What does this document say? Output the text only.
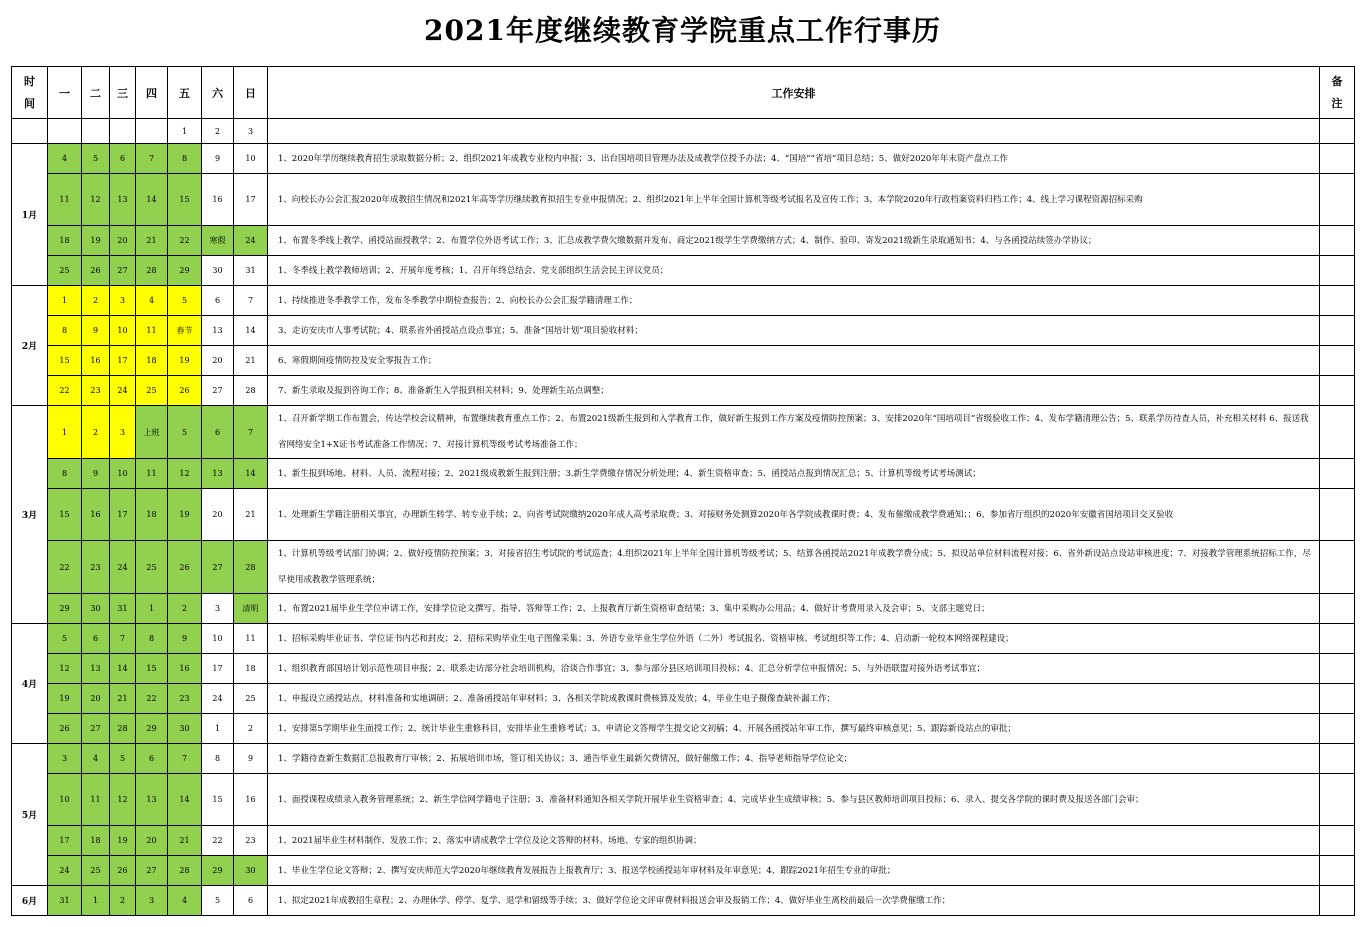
2021年度继续教育学院重点工作行事历
时间	一	二	三	四	五	六	日	工作安排	备注

					1	2	3		
1月	4	5	6	7	8	9	10	1、2020年学历继续教育招生录取数据分析；2、组织2021年成教专业校内申报；3、出台国培项目管理办法及成教学位授予办法；4、“国培”“省培”项目总结；5、做好2020年年末资产盘点工作	
	11	12	13	14	15	16	17	1、向校长办公会汇报2020年成教招生情况和2021年高等学历继续教育拟招生专业申报情况；2、组织2021年上半年全国计算机等级考试报名及宣传工作；3、本学院2020年行政档案资料归档工作；4、线上学习课程资源招标采购	
	18	19	20	21	22	寒假	24	1、布置冬季线上教学、函授站面授教学；2、布置学位外语考试工作；3、汇总成教学费欠缴数据并发布、商定2021级学生学费缴纳方式；4、制作、验印、寄发2021级新生录取通知书；4、与各函授站续签办学协议；	
	25	26	27	28	29	30	31	1、冬季线上教学教师培训；2、开展年度考核；1、召开年终总结会、党支部组织生活会民主评议党员；	
2月	1	2	3	4	5	6	7	1、持续推进冬季教学工作，发布冬季教学中期检查报告；2、向校长办公会汇报学籍清理工作；	
	8	9	10	11	春节	13	14	3、走访安庆市人事考试院；4、联系省外函授站点设点事宜；5、准备“国培计划”项目验收材料；	
	15	16	17	18	19	20	21	6、寒假期间疫情防控及安全零报告工作；	
	22	23	24	25	26	27	28	7、新生录取及报到咨询工作；8、准备新生入学报到相关材料；9、处理新生站点调整；	
3月	1	2	3	上班	5	6	7	1、召开新学期工作布置会，传达学校会议精神，布置继续教育重点工作；2、布置2021级新生报到和入学教育工作，做好新生报到工作方案及疫情防控预案；3、安排2020年“国培项目”省级验收工作；4、发布学籍清理公告；5、联系学历待查人员，补充相关材料 6、报送我省网络安全1+X证书考试准备工作情况；7、对接计算机等级考试考场准备工作；	
	8	9	10	11	12	13	14	1、新生报到场地、材料、人员、流程对接；2、2021级成教新生报到注册；3.新生学费缴存情况分析处理；4、新生资格审查；5、函授站点报到情况汇总；5、计算机等级考试考场测试；	
	15	16	17	18	19	20	21	1、处理新生学籍注册相关事宜，办理新生转学、转专业手续；2、向省考试院缴纳2020年成人高考录取费；3、对接财务处测算2020年各学院成教课时费；4、发布催缴成教学费通知；；6、参加省厅组织的2020年安徽省国培项目交叉验收	
	22	23	24	25	26	27	28	1、计算机等级考试部门协调；2、做好疫情防控预案；3、对接省招生考试院的考试巡查；4.组织2021年上半年全国计算机等级考试；5、结算各函授站2021年成教学费分成；5、拟设站单位材料流程对接；6、省外新设站点设站审核进度；7、对接教学管理系统招标工作，尽早使用成教教学管理系统；	
	29	30	31	1	2	3	清明	1、布置2021届毕业生学位申请工作，安排学位论文撰写、指导、答辩等工作；2、上报教育厅新生资格审查结果；3、集中采购办公用品；4、做好计考费用录入及会审；5、支部主题党日；	
4月	5	6	7	8	9	10	11	1、招标采购毕业证书、学位证书内芯和封皮；2、招标采购毕业生电子图像采集；3、外语专业毕业生学位外语（二外）考试报名、资格审核、考试组织等工作；4、启动新一轮校本网络课程建设；	
	12	13	14	15	16	17	18	1、组织教育部国培计划示范性项目申报；2、联系走访部分社会培训机构，洽谈合作事宜；3、参与部分县区培训项目投标；4、汇总分析学位申报情况；5、与外语联盟对接外语考试事宜；	
	19	20	21	22	23	24	25	1、申报设立函授站点，材料准备和实地调研；2、准备函授站年审材料；3、各相关学院成教课时费核算及发放；4、毕业生电子摄像查缺补漏工作；	
	26	27	28	29	30	1	2	1、安排第5学期毕业生面授工作；2、统计毕业生重修科目，安排毕业生重修考试；3、申请论文答辩学生提交论文初稿；4、开展各函授站年审工作，撰写最终审核意见；5、跟踪新设站点的审批；	
5月	3	4	5	6	7	8	9	1、学籍待查新生数据汇总报教育厅审核；2、拓展培训市场，签订相关协议；3、通告毕业生最新欠费情况，做好催缴工作；4、指导老师指导学位论文；	
	10	11	12	13	14	15	16	1、面授课程成绩录入教务管理系统；2、新生学信网学籍电子注册；3、准备材料通知各相关学院开展毕业生资格审查；4、完成毕业生成绩审核；5、参与县区教师培训项目投标；6、录入、提交各学院的课时费及报送各部门会审；	
	17	18	19	20	21	22	23	1、2021届毕业生材料制作、发放工作；2、落实申请成教学士学位及论文答辩的材料、场地、专家的组织协调；	
	24	25	26	27	28	29	30	1、毕业生学位论文答辩；2、撰写安庆师范大学2020年继续教育发展报告上报教育厅；3、报送学校函授站年审材料及年审意见；4、跟踪2021年招生专业的审批；	
6月	31	1	2	3	4	5	6	1、拟定2021年成教招生章程；2、办理休学、停学、复学、退学和留级等手续；3、做好学位论文评审费材料报送会审及报销工作；4、做好毕业生离校前最后一次学费催缴工作；	
